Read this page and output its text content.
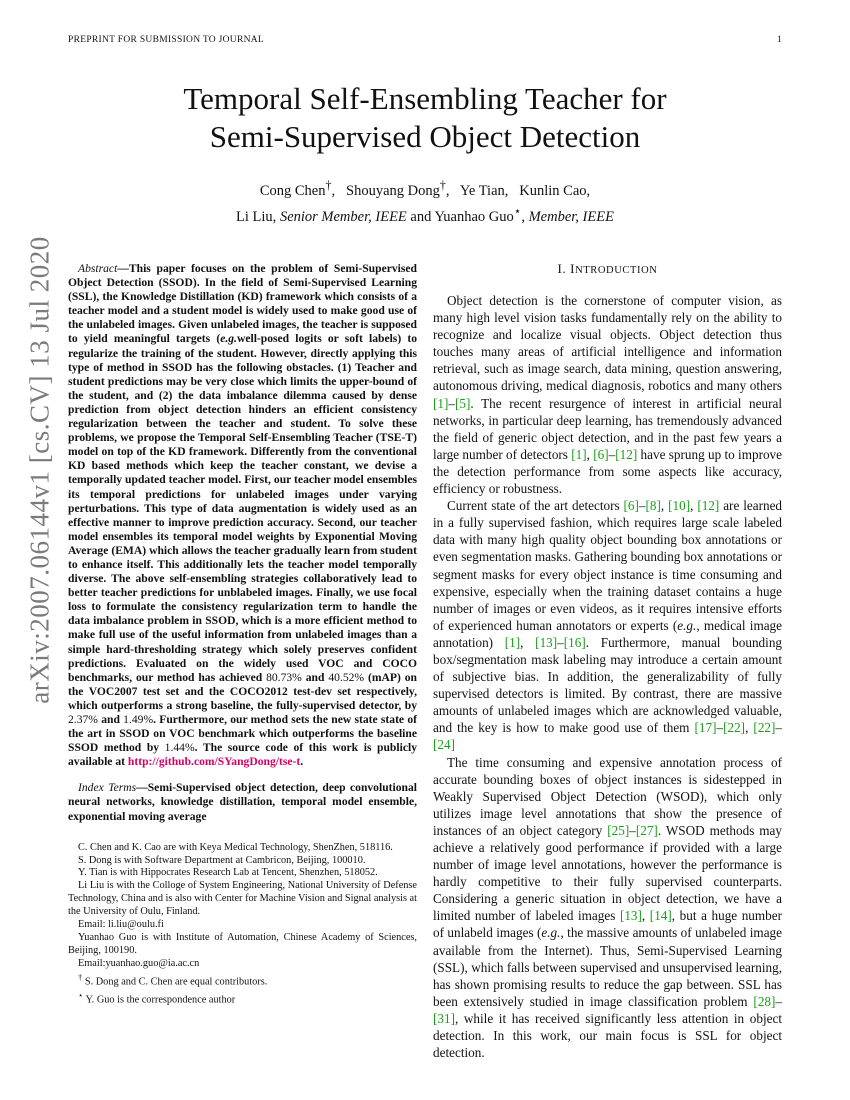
PREPRINT FOR SUBMISSION TO JOURNAL	1
arXiv:2007.06144v1 [cs.CV] 13 Jul 2020
Temporal Self-Ensembling Teacher for
Semi-Supervised Object Detection
Cong Chen†,   Shouyang Dong†,   Ye Tian, Kunlin Cao,
Li Liu, Senior Member, IEEE and Yuanhao Guo⋆, Member, IEEE

Abstract—This paper focuses on the problem of Semi-Supervised Object Detection (SSOD). In the field of Semi-Supervised Learning (SSL), the Knowledge Distillation (KD) framework which consists of a teacher model and a student model is widely used to make good use of the unlabeled images. Given unlabeled images, the teacher is supposed to yield meaningful targets (e.g.well-posed logits or soft labels) to regularize the training of the student. However, directly applying this type of method in SSOD has the following obstacles. (1) Teacher and student predictions may be very close which limits the upper-bound of the student, and (2) the data imbalance dilemma caused by dense prediction from object detection hinders an efficient consistency regularization between the teacher and student. To solve these problems, we propose the Temporal Self-Ensembling Teacher (TSE-T) model on top of the KD framework. Differently from the conventional KD based methods which keep the teacher constant, we devise a temporally updated teacher model. First, our teacher model ensembles its temporal predictions for unlabeled images under varying perturbations. This type of data augmentation is widely used as an effective manner to improve prediction accuracy. Second, our teacher model ensembles its temporal model weights by Exponential Moving Average (EMA) which allows the teacher gradually learn from student to enhance itself. This additionally lets the teacher model temporally diverse. The above self-ensembling strategies collaboratively lead to better teacher predictions for unblabeled images. Finally, we use focal loss to formulate the consistency regularization term to handle the data imbalance problem in SSOD, which is a more efficient method to make full use of the useful information from unlabeled images than a simple hard-thresholding strategy which solely preserves confident predictions. Evaluated on the widely used VOC and COCO benchmarks, our method has achieved 80.73% and 40.52% (mAP) on the VOC2007 test set and the COCO2012 test-dev set respectively, which outperforms a strong baseline, the fully-supervised detector, by 2.37% and 1.49%. Furthermore, our method sets the new state state of the art in SSOD on VOC benchmark which outperforms the baseline SSOD method by 1.44%. The source code of this work is publicly available at http://github.com/SYangDong/tse-t.

Index Terms—Semi-Supervised object detection, deep convolutional neural networks, knowledge distillation, temporal model ensemble, exponential moving average

C. Chen and K. Cao are with Keya Medical Technology, ShenZhen, 518116.

S. Dong is with Software Department at Cambricon, Beijing, 100010.

Y. Tian is with Hippocrates Research Lab at Tencent, Shenzhen, 518052.

Li Liu is with the Colloge of System Engineering, National University of Defense Technology, China and is also with Center for Machine Vision and Signal analysis at the University of Oulu, Finland.

Email: li.liu@oulu.fi

Yuanhao Guo is with Institute of Automation, Chinese Academy of Sciences, Beijing, 100190.

Email:yuanhao.guo@ia.ac.cn

† S. Dong and C. Chen are equal contributors.

⋆ Y. Guo is the correspondence author

I. INTRODUCTION

Object detection is the cornerstone of computer vision, as many high level vision tasks fundamentally rely on the ability to recognize and localize visual objects. Object detection thus touches many areas of artificial intelligence and information retrieval, such as image search, data mining, question answering, autonomous driving, medical diagnosis, robotics and many others [1]–[5]. The recent resurgence of interest in artificial neural networks, in particular deep learning, has tremendously advanced the field of generic object detection, and in the past few years a large number of detectors [1], [6]–[12] have sprung up to improve the detection performance from some aspects like accuracy, efficiency or robustness.

Current state of the art detectors [6]–[8], [10], [12] are learned in a fully supervised fashion, which requires large scale labeled data with many high quality object bounding box annotations or even segmentation masks. Gathering bounding box annotations or segment masks for every object instance is time consuming and expensive, especially when the training dataset contains a huge number of images or even videos, as it requires intensive efforts of experienced human annotators or experts (e.g., medical image annotation) [1], [13]–[16]. Furthermore, manual bounding box/segmentation mask labeling may introduce a certain amount of subjective bias. In addition, the generalizability of fully supervised detectors is limited. By contrast, there are massive amounts of unlabeled images which are acknowledged valuable, and the key is how to make good use of them [17]–[22], [22]–[24]

The time consuming and expensive annotation process of accurate bounding boxes of object instances is sidestepped in Weakly Supervised Object Detection (WSOD), which only utilizes image level annotations that show the presence of instances of an object category [25]–[27]. WSOD methods may achieve a relatively good performance if provided with a large number of image level annotations, however the performance is hardly competitive to their fully supervised counterparts. Considering a generic situation in object detection, we have a limited number of labeled images [13], [14], but a huge number of unlabeld images (e.g., the massive amounts of unlabeled image available from the Internet). Thus, Semi-Supervised Learning (SSL), which falls between supervised and unsupervised learning, has shown promising results to reduce the gap between. SSL has been extensively studied in image classification problem [28]–[31], while it has received significantly less attention in object detection. In this work, our main focus is SSL for object detection.
